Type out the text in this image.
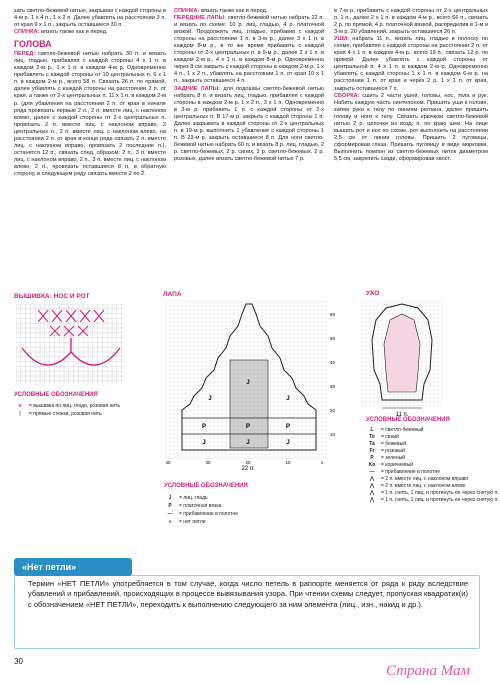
зать светло-бежевой нитью, закрывая с каждой стороны в 4-м р. 1 х 4 п., 1 х 2 п. Далее убавлять на расстоянии 3 п. от края 9 х 1 п., закрыть оставшиеся 30 п.

СПИНКА: вязать также как и перед.

ГОЛОВА

ПЕРЕД: светло-бежевой нитью набрать 30 п. и вязать лиц. гладью, прибавляя с каждой стороны 4 х 1 п. в каждом 2-м р., 1 х 1 п. в каждом 4-м р. Одновременно прибавлять с каждой стороны от 10 центральных п. 6 х 1 п. в каждом 2-м р., всего 58 п. Связать 26 п. по прямой, далее убавлять с каждой стороны на расстоянии 2 п. от края, а также от 2-х центральных п. 11 х 1 п. в каждом 2-м р. (для убавления на расстоянии 2 п. от края в начале ряда провязать первые 2 п., 2 п. вместе лиц. с наклоном влево, далее с каждой стороны от 2-х центральных п. провязать 2 п. вместе лиц. с наклоном вправо, 2 центральных п., 2 п. вместе лиц. с наклоном влево, на расстоянии 2 п. от края в конце ряда связать 2 п. вместе лиц. с наклоном вправо, провязать 2 последние п.), останется 12 п., связать след. образом: 2 п., 3 п. вместе лиц. с наклоном вправо, 2 п., 3 п. вместе лиц. с наклоном влево, 2 п., провязать оставшиеся 8 п. в обратную сторону, в следующем ряду связать вместе 2 по 2.

СПИНКА: вязать также как и перед.

ПЕРЕДНИЕ ЛАПЫ: светло-бежевой нитью набрать 22 п. и вязать по схеме: 10 р. лиц. гладью, 4 р. платочной вязкой. Продолжить лиц. гладью, прибавив с каждой стороны на расстоянии 1 п. в 3-м р., далее 3 х 1 п. в каждом 8-м р., в то же время прибавить с каждой стороны от 2-х центральных п. в 9-м р., далее 2 х 1 п. в каждом 2-м р., 4 х 1 п. в каждом 8-м р. Одновременно через 8 см закрыть с каждой стороны в каждом 2-м р. 1 х 4 п., 1 х 2 п., убавлять на расстоянии 1 п. от края 10 х 1 п., закрыть оставшиеся 4 п.

ЗАДНИЕ ЛАПЫ: для подошвы светло-бежевой нитью набрать 8 п. и вязать лиц. гладью, прибавляя с каждой стороны в каждом 2-м р. 1 х 2 п., 3 х 1 п. Одновременно в 3-м р. прибавить 1 п. с каждой стороны от 2-х центральных п. В 17-м р. закрыть с каждой стороны 1 п. Далее закрывать в каждой стороны от 2-х центральных п. в 19-м р. выполнить 1 убавление с каждой стороны 1 п. В 23-м р. закрыть оставшиеся 8 п. Для ноги светло-бежевой нитью набрать 60 п. и вязать 8 р. лиц. гладью, 2 р. светло-бежевых, 2 р. синих, 2 р. светло-бежевых, 2 р. розовых, далее вязать светло-бежевой нитью 7 р.

в 7-м р. прибавить с каждой стороны от 2-х центральных п. 1 п., далее 2 х 1 п. в каждом 4-м р., всего 66 п., связать 2 р. по прямой, 4 р. платочной вязкой, распределив в 1-м и 3-м р. 20 убавлений, закрыть оставшиеся 26 п.

УШИ: набрать 11 п., вязать лиц. гладью в полоску по схеме, прибавляя с каждой стороны на расстоянии 2 п. от края 4 х 1 п. в каждом 4-м р., всего 19 п., связать 12 р. по прямой. Далее убавлять с каждой стороны от центральной п. 4 х 1 п. в каждом 2-м р. Одновременно убавлять с каждой стороны 1 х 1 п. в каждом 6-м р. на расстоянии 1 п. от края и через 2 р. 1 х 1 п. от края, закрыть оставшиеся 7 п.

СБОРКА: сшить 2 части ушей, головы, нос, тела и рук. Набить каждую часть синтепоном. Пришить уши к голове, затем руки к телу по линиям реглана, далее пришить голову и ноги к телу. Связать крючком светло-бежевой нитью 2 р. цепочки из возд. п. по краю шеи. На лице вышить рот и нос по схеме, рот выполнить на расстоянии 2,5 см от линии головы. Пришить 2 пуговицы, сформировав глаза. Пришить пуговицу в виде морковки. Выполнить помпон из светло-бежевых ниток диаметром 5,5 см, закрепить сзади, сформировав хвост.

ВЫШИВКА: НОС И РОТ	ЛАПА	УХО
УСЛОВНЫЕ ОБОЗНАЧЕНИЯ
⨯	= вышивка по лиц. глади, розовая нить
|	= прямые стежки, розовая нить
J	J
J
P	P	P
J	J	J
10
20
30
40
50
60
40	30	20	10	1
22 п.
УСЛОВНЫЕ ОБОЗНАЧЕНИЯ
J	= лиц. гладь
P	= платочная вязка
—	= прибавление в полотне
■	= нет петли
11 п.
УСЛОВНЫЕ ОБОЗНАЧЕНИЯ
L	= светло-бежевый
Te	= синий
Ta	= бежевый
Fr	= розовый
P	= зеленый
Ko	= коричневый
—	= прибавление в полотне
⋀	= 2 п. вместе лиц. с наклоном вправо
⋀	= 2 п. вместе лиц. с наклоном влево
⋀	= 1 п. снять, 1 лиц. и протянуть ее через снятую п.
⋀	= 1 п. снять, 1 лиц. и протянуть ее через снятую п.
«Нет петли»
Термин «НЕТ ПЕТЛИ» употребляется в том случае, когда число петель в раппорте меняется от ряда к ряду вследствие убавлений и прибавлений, происходящих в процессе вывязывания узора. При чтении схемы следует, пропуская квадратик(и) с обозначением «НЕТ ПЕТЛИ», переходить к выполнению следующего за ним элемента (лиц., изн., накид и др.).
30
Страна Мам
